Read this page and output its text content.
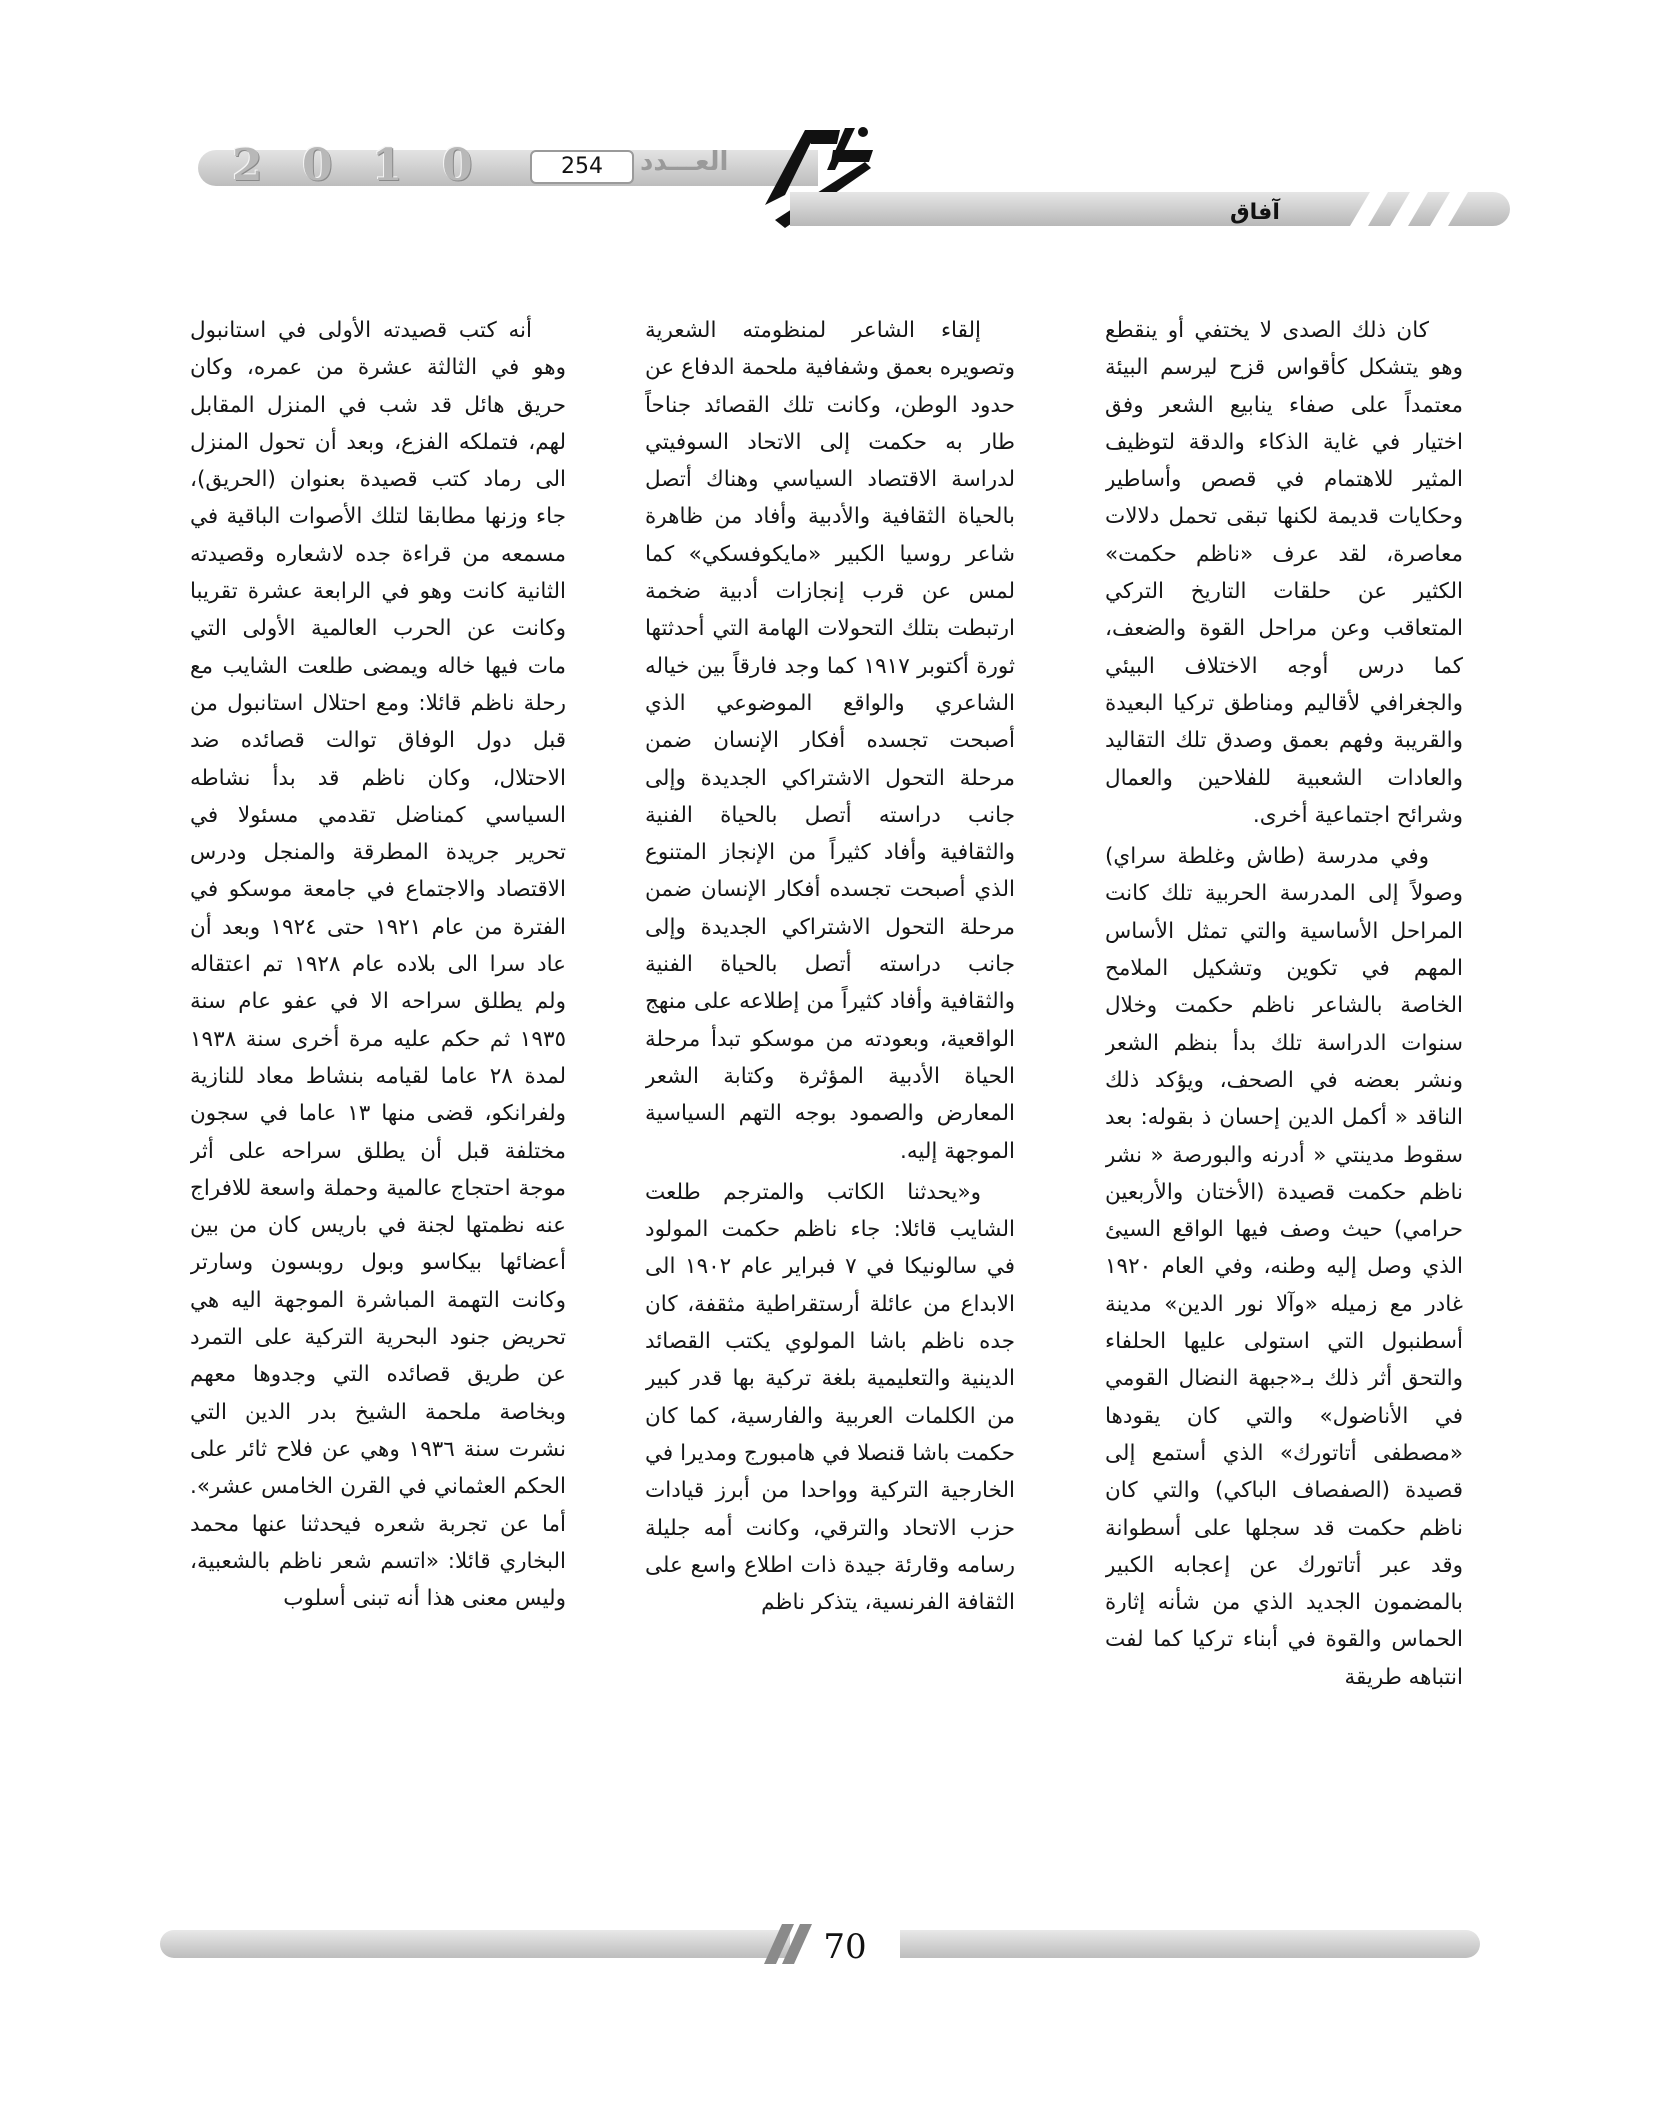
2 0 1 0	254	العـــدد
آفاق

كان ذلك الصدى لا يختفي أو ينقطع وهو يتشكل كأقواس قزح ليرسم البيئة معتمداً على صفاء ينابيع الشعر وفق اختيار في غاية الذكاء والدقة لتوظيف المثير للاهتمام في قصص وأساطير وحكايات قديمة لكنها تبقى تحمل دلالات معاصرة، لقد عرف «ناظم حكمت» الكثير عن حلقات التاريخ التركي المتعاقب وعن مراحل القوة والضعف، كما درس أوجه الاختلاف البيئي والجغرافي لأقاليم ومناطق تركيا البعيدة والقريبة وفهم بعمق وصدق تلك التقاليد والعادات الشعبية للفلاحين والعمال وشرائح اجتماعية أخرى.

وفي مدرسة (طاش وغلطة سراي) وصولاً إلى المدرسة الحربية تلك كانت المراحل الأساسية والتي تمثل الأساس المهم في تكوين وتشكيل الملامح الخاصة بالشاعر ناظم حكمت وخلال سنوات الدراسة تلك بدأ بنظم الشعر ونشر بعضه في الصحف، ويؤكد ذلك الناقد « أكمل الدين إحسان ذ بقوله: بعد سقوط مدينتي « أدرنه والبورصة « نشر ناظم حكمت قصيدة (الأختان والأربعين حرامي) حيث وصف فيها الواقع السيئ الذي وصل إليه وطنه، وفي العام ١٩٢٠ غادر مع زميله «وآلا نور الدين» مدينة أسطنبول التي استولى عليها الحلفاء والتحق أثر ذلك بـ«جبهة النضال القومي في الأناضول» والتي كان يقودها «مصطفى أتاتورك» الذي أستمع إلى قصيدة (الصفصاف الباكي) والتي كان ناظم حكمت قد سجلها على أسطوانة وقد عبر أتاتورك عن إعجابه الكبير بالمضمون الجديد الذي من شأنه إثارة الحماس والقوة في أبناء تركيا كما لفت انتباهه طريقة

إلقاء الشاعر لمنظومته الشعرية وتصويره بعمق وشفافية ملحمة الدفاع عن حدود الوطن، وكانت تلك القصائد جناحاً طار به حكمت إلى الاتحاد السوفيتي لدراسة الاقتصاد السياسي وهناك أتصل بالحياة الثقافية والأدبية وأفاد من ظاهرة شاعر روسيا الكبير «مايكوفسكي» كما لمس عن قرب إنجازات أدبية ضخمة ارتبطت بتلك التحولات الهامة التي أحدثتها ثورة أكتوبر ١٩١٧ كما وجد فارقاً بين خياله الشاعري والواقع الموضوعي الذي أصبحت تجسده أفكار الإنسان ضمن مرحلة التحول الاشتراكي الجديدة وإلى جانب دراسته أتصل بالحياة الفنية والثقافية وأفاد كثيراً من الإنجاز المتنوع الذي أصبحت تجسده أفكار الإنسان ضمن مرحلة التحول الاشتراكي الجديدة وإلى جانب دراسته أتصل بالحياة الفنية والثقافية وأفاد كثيراً من إطلاعه على منهج الواقعية، وبعودته من موسكو تبدأ مرحلة الحياة الأدبية المؤثرة وكتابة الشعر المعارض والصمود بوجه التهم السياسية الموجهة إليه.

و«يحدثنا الكاتب والمترجم طلعت الشايب قائلا: جاء ناظم حكمت المولود في سالونيكا في ٧ فبراير عام ١٩٠٢ الى الابداع من عائلة أرستقراطية مثقفة، كان جده ناظم باشا المولوي يكتب القصائد الدينية والتعليمية بلغة تركية بها قدر كبير من الكلمات العربية والفارسية، كما كان حكمت باشا قنصلا في هامبورج ومديرا في الخارجية التركية وواحدا من أبرز قيادات حزب الاتحاد والترقي، وكانت أمه جليلة رسامه وقارئة جيدة ذات اطلاع واسع على الثقافة الفرنسية، يتذكر ناظم

أنه كتب قصيدته الأولى في استانبول وهو في الثالثة عشرة من عمره، وكان حريق هائل قد شب في المنزل المقابل لهم، فتملكه الفزع، وبعد أن تحول المنزل الى رماد كتب قصيدة بعنوان (الحريق)، جاء وزنها مطابقا لتلك الأصوات الباقية في مسمعه من قراءة جده لاشعاره وقصيدته الثانية كانت وهو في الرابعة عشرة تقريبا وكانت عن الحرب العالمية الأولى التي مات فيها خاله ويمضى طلعت الشايب مع رحلة ناظم قائلا: ومع احتلال استانبول من قبل دول الوفاق توالت قصائده ضد الاحتلال، وكان ناظم قد بدأ نشاطه السياسي كمناضل تقدمي مسئولا في تحرير جريدة المطرقة والمنجل ودرس الاقتصاد والاجتماع في جامعة موسكو في الفترة من عام ١٩٢١ حتى ١٩٢٤ وبعد أن عاد سرا الى بلاده عام ١٩٢٨ تم اعتقاله ولم يطلق سراحه الا في عفو عام سنة ١٩٣٥ ثم حكم عليه مرة أخرى سنة ١٩٣٨ لمدة ٢٨ عاما لقيامه بنشاط معاد للنازية ولفرانكو، قضى منها ١٣ عاما في سجون مختلفة قبل أن يطلق سراحه على أثر موجة احتجاج عالمية وحملة واسعة للافراج عنه نظمتها لجنة في باريس كان من بين أعضائها بيكاسو وبول روبسون وسارتر وكانت التهمة المباشرة الموجهة اليه هي تحريض جنود البحرية التركية على التمرد عن طريق قصائده التي وجدوها معهم وبخاصة ملحمة الشيخ بدر الدين التي نشرت سنة ١٩٣٦ وهي عن فلاح ثائر على الحكم العثماني في القرن الخامس عشر». أما عن تجربة شعره فيحدثنا عنها محمد البخاري قائلا: «اتسم شعر ناظم بالشعبية، وليس معنى هذا أنه تبنى أسلوب

70
